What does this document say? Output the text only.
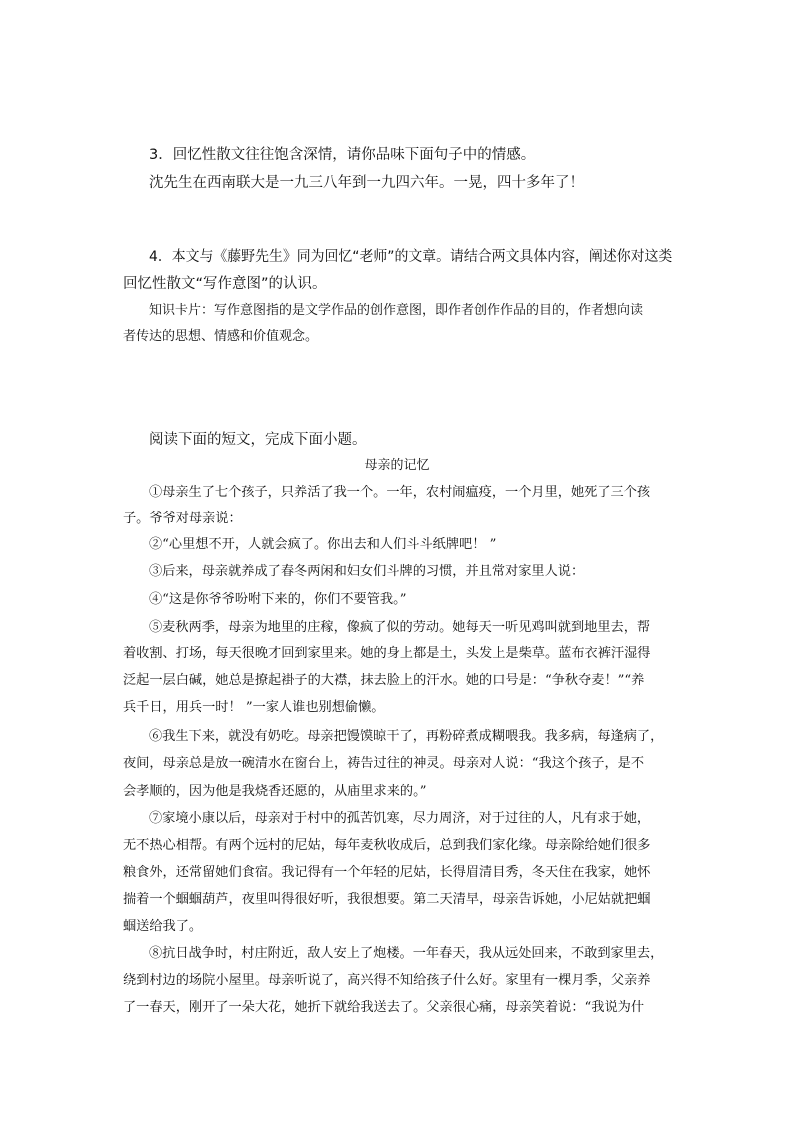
3．回忆性散文往往饱含深情，请你品味下面句子中的情感。

沈先生在西南联大是一九三八年到一九四六年。一晃，四十多年了！

4．本文与《藤野先生》同为回忆“老师”的文章。请结合两文具体内容，阐述你对这类

回忆性散文“写作意图”的认识。

知识卡片：写作意图指的是文学作品的创作意图，即作者创作作品的目的，作者想向读

者传达的思想、情感和价值观念。

阅读下面的短文，完成下面小题。

母亲的记忆

①母亲生了七个孩子，只养活了我一个。一年，农村闹瘟疫，一个月里，她死了三个孩

子。爷爷对母亲说：

②“心里想不开，人就会疯了。你出去和人们斗斗纸牌吧！ ”

③后来，母亲就养成了春冬两闲和妇女们斗牌的习惯，并且常对家里人说：

④“这是你爷爷吩咐下来的，你们不要管我。”

⑤麦秋两季，母亲为地里的庄稼，像疯了似的劳动。她每天一听见鸡叫就到地里去，帮

着收割、打场，每天很晚才回到家里来。她的身上都是土，头发上是柴草。蓝布衣裤汗湿得

泛起一层白碱，她总是撩起褂子的大襟，抹去脸上的汗水。她的口号是：“争秋夺麦！”“养

兵千日，用兵一时！ ”一家人谁也别想偷懒。

⑥我生下来，就没有奶吃。母亲把馒馍晾干了，再粉碎煮成糊喂我。我多病，每逢病了，

夜间，母亲总是放一碗清水在窗台上，祷告过往的神灵。母亲对人说：“我这个孩子，是不

会孝顺的，因为他是我烧香还愿的，从庙里求来的。”

⑦家境小康以后，母亲对于村中的孤苦饥寒，尽力周济，对于过往的人，凡有求于她，

无不热心相帮。有两个远村的尼姑，每年麦秋收成后，总到我们家化缘。母亲除给她们很多

粮食外，还常留她们食宿。我记得有一个年轻的尼姑，长得眉清目秀，冬天住在我家，她怀

揣着一个蝈蝈葫芦，夜里叫得很好听，我很想要。第二天清早，母亲告诉她，小尼姑就把蝈

蝈送给我了。

⑧抗日战争时，村庄附近，敌人安上了炮楼。一年春天，我从远处回来，不敢到家里去，

绕到村边的场院小屋里。母亲听说了，高兴得不知给孩子什么好。家里有一棵月季，父亲养

了一春天，刚开了一朵大花，她折下就给我送去了。父亲很心痛，母亲笑着说：“我说为什
